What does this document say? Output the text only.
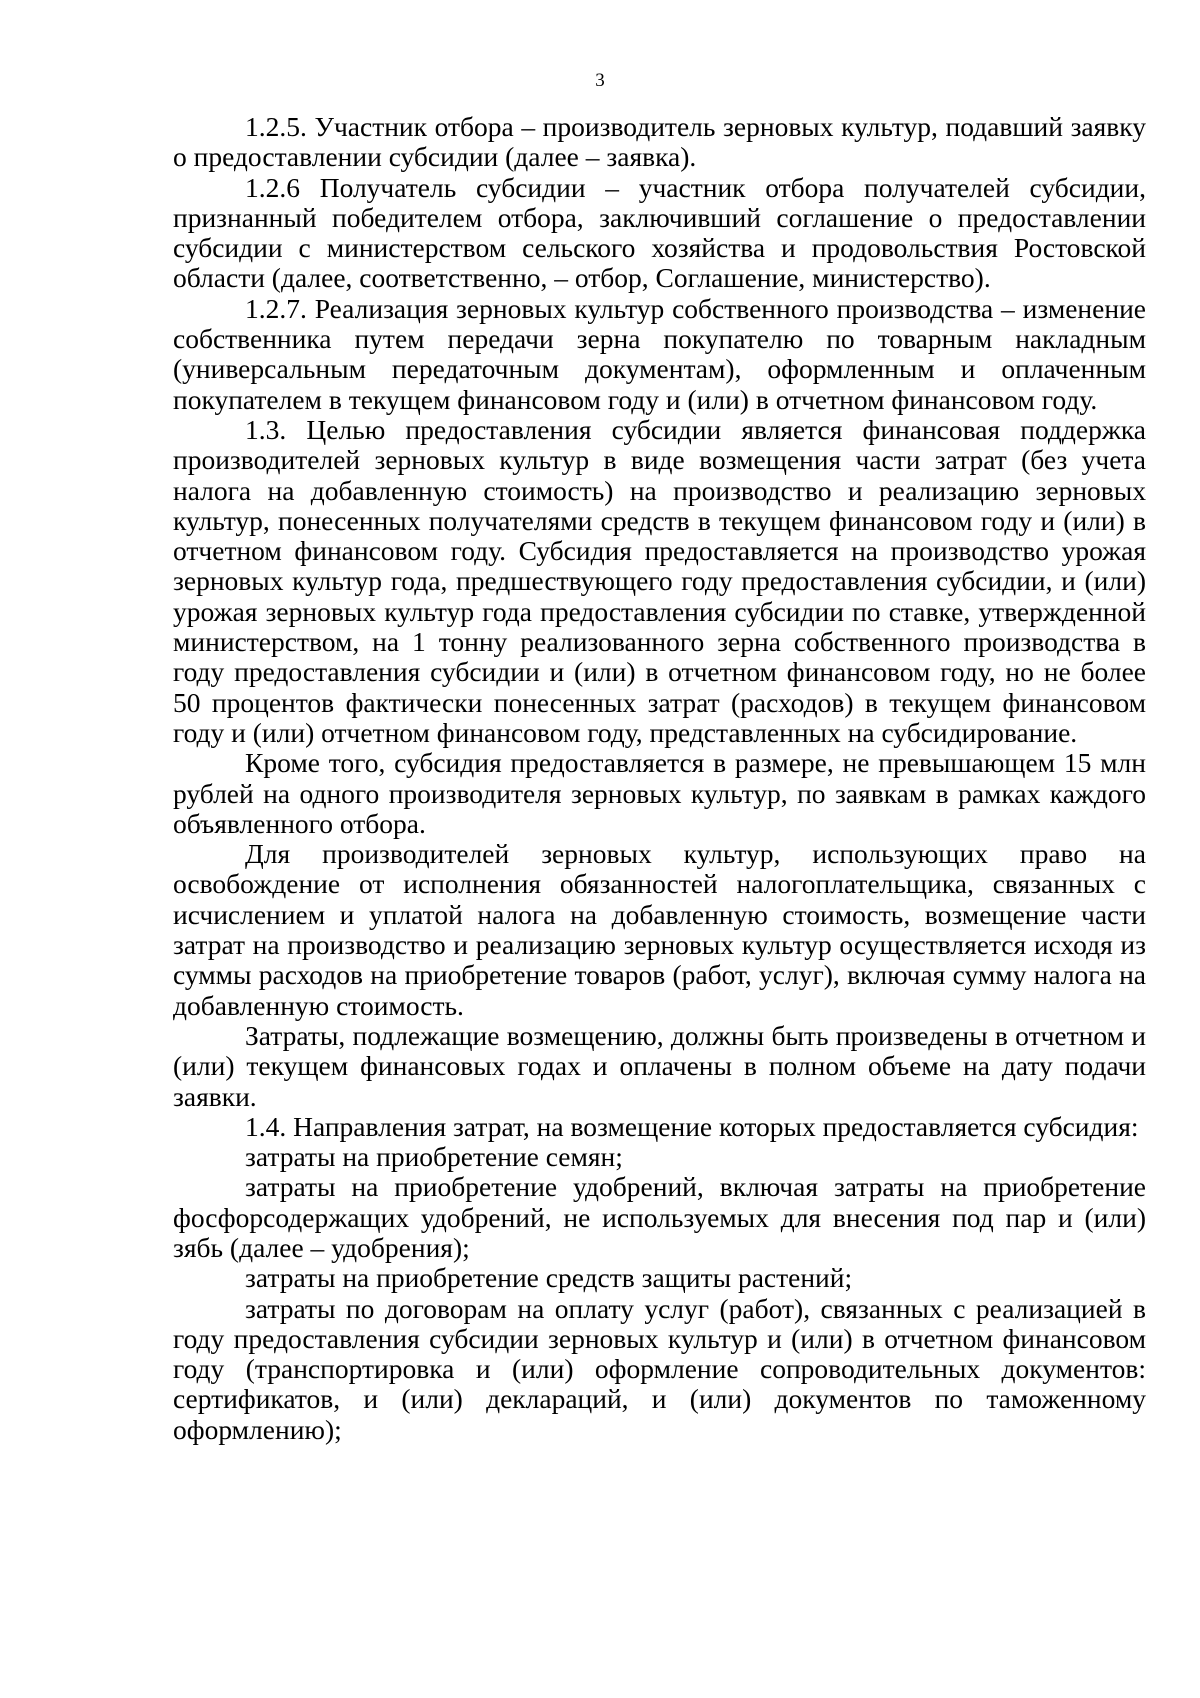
3

1.2.5. Участник отбора – производитель зерновых культур, подавший заявку о предоставлении субсидии (далее – заявка).

1.2.6 Получатель субсидии – участник отбора получателей субсидии, признанный победителем отбора, заключивший соглашение о предоставлении субсидии с министерством сельского хозяйства и продовольствия Ростовской области (далее, соответственно, – отбор, Соглашение, министерство).

1.2.7. Реализация зерновых культур собственного производства – изменение собственника путем передачи зерна покупателю по товарным накладным (универсальным передаточным документам), оформленным и оплаченным покупателем в текущем финансовом году и (или) в отчетном финансовом году.

1.3. Целью предоставления субсидии является финансовая поддержка производителей зерновых культур в виде возмещения части затрат (без учета налога на добавленную стоимость) на производство и реализацию зерновых культур, понесенных получателями средств в текущем финансовом году и (или) в отчетном финансовом году. Субсидия предоставляется на производство урожая зерновых культур года, предшествующего году предоставления субсидии, и (или) урожая зерновых культур года предоставления субсидии по ставке, утвержденной министерством, на 1 тонну реализованного зерна собственного производства в году предоставления субсидии и (или) в отчетном финансовом году, но не более 50 процентов фактически понесенных затрат (расходов) в текущем финансовом году и (или) отчетном финансовом году, представленных на субсидирование.

Кроме того, субсидия предоставляется в размере, не превышающем 15 млн рублей на одного производителя зерновых культур, по заявкам в рамках каждого объявленного отбора.

Для производителей зерновых культур, использующих право на освобождение от исполнения обязанностей налогоплательщика, связанных с исчислением и уплатой налога на добавленную стоимость, возмещение части затрат на производство и реализацию зерновых культур осуществляется исходя из суммы расходов на приобретение товаров (работ, услуг), включая сумму налога на добавленную стоимость.

Затраты, подлежащие возмещению, должны быть произведены в отчетном и (или) текущем финансовых годах и оплачены в полном объеме на дату подачи заявки.

1.4. Направления затрат, на возмещение которых предоставляется субсидия:

затраты на приобретение семян;

затраты на приобретение удобрений, включая затраты на приобретение фосфорсодержащих удобрений, не используемых для внесения под пар и (или) зябь (далее – удобрения);

затраты на приобретение средств защиты растений;

затраты по договорам на оплату услуг (работ), связанных с реализацией в году предоставления субсидии зерновых культур и (или) в отчетном финансовом году (транспортировка и (или) оформление сопроводительных документов: сертификатов, и (или) деклараций, и (или) документов по таможенному оформлению);
